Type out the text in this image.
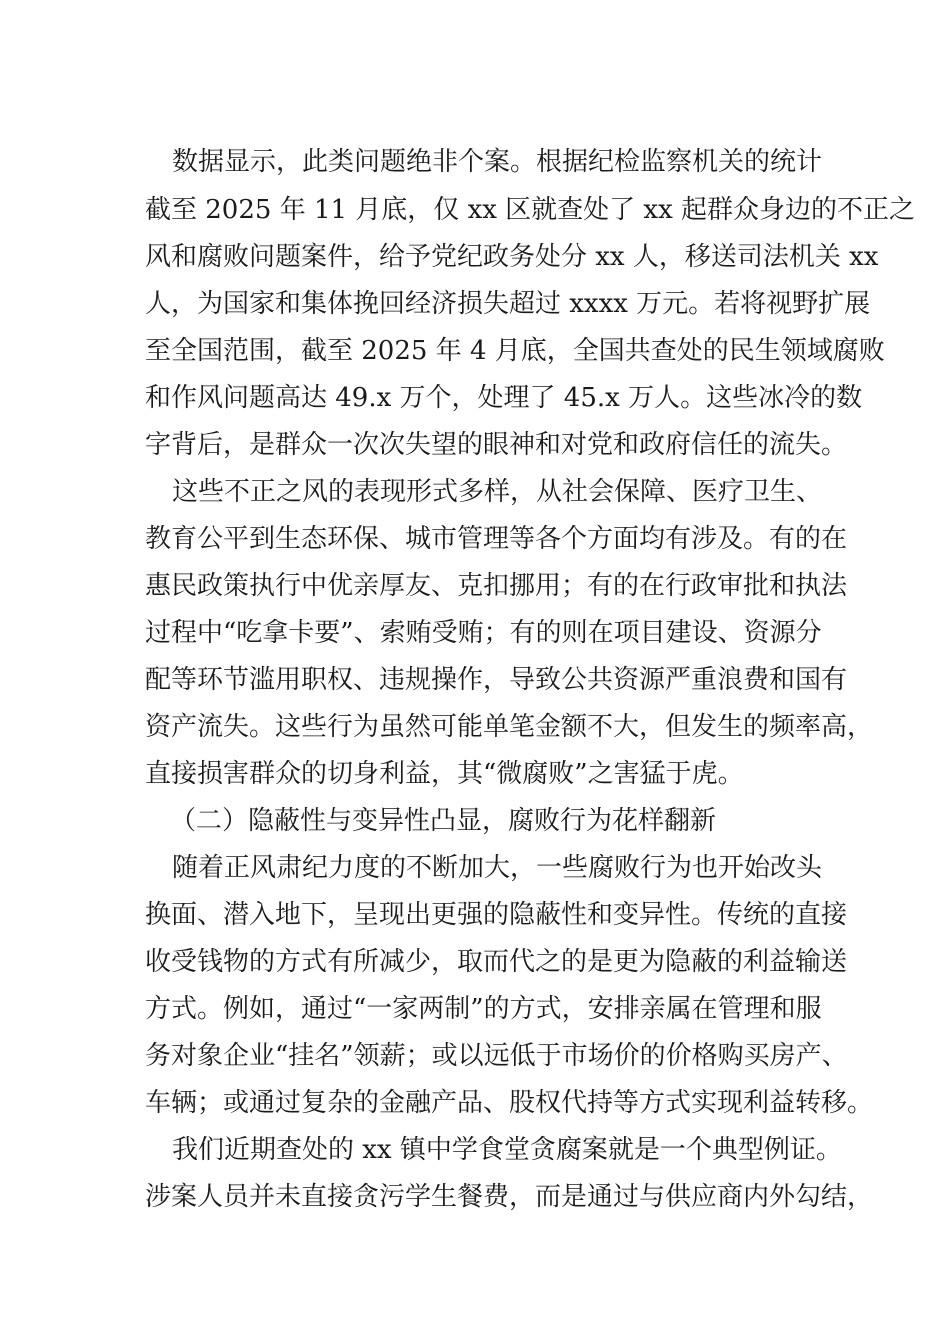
数据显示，此类问题绝非个案。根据纪检监察机关的统计
截至 2025 年 11 月底，仅 xx 区就查处了 xx 起群众身边的不正之
风和腐败问题案件，给予党纪政务处分 xx 人，移送司法机关 xx
人，为国家和集体挽回经济损失超过 xxxx 万元。若将视野扩展
至全国范围，截至 2025 年 4 月底，全国共查处的民生领域腐败
和作风问题高达 49.x 万个，处理了 45.x 万人。这些冰冷的数
字背后，是群众一次次失望的眼神和对党和政府信任的流失。
这些不正之风的表现形式多样，从社会保障、医疗卫生、
教育公平到生态环保、城市管理等各个方面均有涉及。有的在
惠民政策执行中优亲厚友、克扣挪用；有的在行政审批和执法
过程中“吃拿卡要”、索贿受贿；有的则在项目建设、资源分
配等环节滥用职权、违规操作，导致公共资源严重浪费和国有
资产流失。这些行为虽然可能单笔金额不大，但发生的频率高，
直接损害群众的切身利益，其“微腐败”之害猛于虎。
（二）隐蔽性与变异性凸显，腐败行为花样翻新
随着正风肃纪力度的不断加大，一些腐败行为也开始改头
换面、潜入地下，呈现出更强的隐蔽性和变异性。传统的直接
收受钱物的方式有所减少，取而代之的是更为隐蔽的利益输送
方式。例如，通过“一家两制”的方式，安排亲属在管理和服
务对象企业“挂名”领薪；或以远低于市场价的价格购买房产、
车辆；或通过复杂的金融产品、股权代持等方式实现利益转移。
我们近期查处的 xx 镇中学食堂贪腐案就是一个典型例证。
涉案人员并未直接贪污学生餐费，而是通过与供应商内外勾结，
